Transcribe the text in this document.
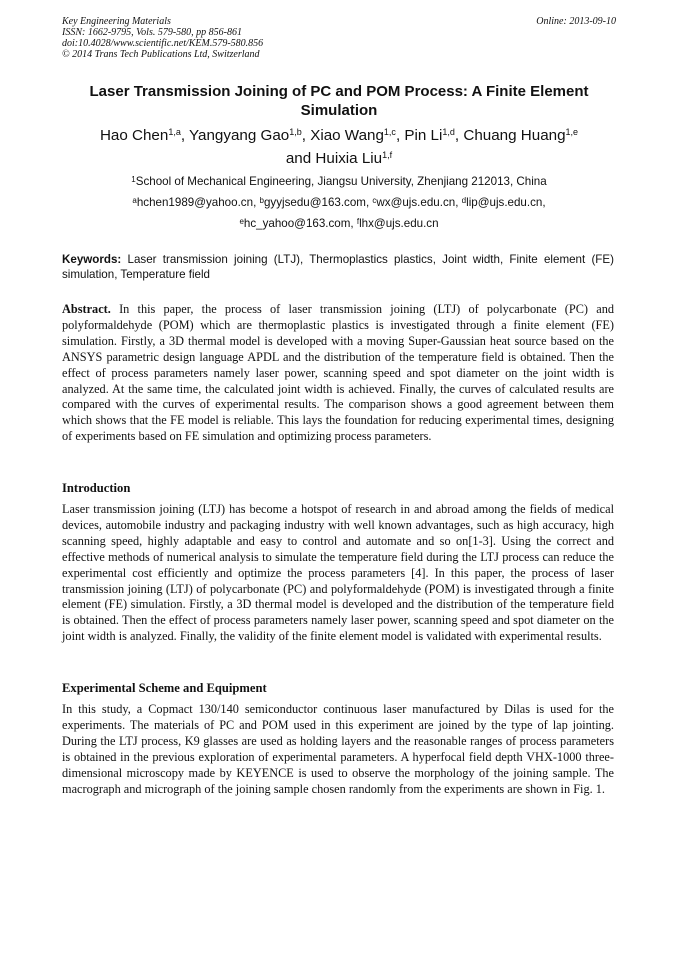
Key Engineering Materials
ISSN: 1662-9795, Vols. 579-580, pp 856-861
doi:10.4028/www.scientific.net/KEM.579-580.856
© 2014 Trans Tech Publications Ltd, Switzerland
Online: 2013-09-10
Laser Transmission Joining of PC and POM Process: A Finite Element Simulation
Hao Chen$^{1,a}$, Yangyang Gao$^{1,b}$, Xiao Wang$^{1,c}$, Pin Li$^{1,d}$, Chuang Huang$^{1,e}$
and Huixia Liu$^{1,f}$
$^1$School of Mechanical Engineering, Jiangsu University, Zhenjiang 212013, China
$^a$hchen1989@yahoo.cn, $^b$gyyjsedu@163.com, $^c$wx@ujs.edu.cn, $^d$lip@ujs.edu.cn,
$^e$hc_yahoo@163.com, $^f$lhx@ujs.edu.cn
Keywords: Laser transmission joining (LTJ), Thermoplastics plastics, Joint width, Finite element (FE) simulation, Temperature field
Abstract. In this paper, the process of laser transmission joining (LTJ) of polycarbonate (PC) and polyformaldehyde (POM) which are thermoplastic plastics is investigated through a finite element (FE) simulation. Firstly, a 3D thermal model is developed with a moving Super-Gaussian heat source based on the ANSYS parametric design language APDL and the distribution of the temperature field is obtained. Then the effect of process parameters namely laser power, scanning speed and spot diameter on the joint width is analyzed. At the same time, the calculated joint width is achieved. Finally, the curves of calculated results are compared with the curves of experimental results. The comparison shows a good agreement between them which shows that the FE model is reliable. This lays the foundation for reducing experimental times, designing of experiments based on FE simulation and optimizing process parameters.
Introduction
Laser transmission joining (LTJ) has become a hotspot of research in and abroad among the fields of medical devices, automobile industry and packaging industry with well known advantages, such as high accuracy, high scanning speed, highly adaptable and easy to control and automate and so on[1-3]. Using the correct and effective methods of numerical analysis to simulate the temperature field during the LTJ process can reduce the experimental cost efficiently and optimize the process parameters [4]. In this paper, the process of laser transmission joining (LTJ) of polycarbonate (PC) and polyformaldehyde (POM) is investigated through a finite element (FE) simulation. Firstly, a 3D thermal model is developed and the distribution of the temperature field is obtained. Then the effect of process parameters namely laser power, scanning speed and spot diameter on the joint width is analyzed. Finally, the validity of the finite element model is validated with experimental results.
Experimental Scheme and Equipment
In this study, a Copmact 130/140 semiconductor continuous laser manufactured by Dilas is used for the experiments. The materials of PC and POM used in this experiment are joined by the type of lap jointing. During the LTJ process, K9 glasses are used as holding layers and the reasonable ranges of process parameters is obtained in the previous exploration of experimental parameters. A hyperfocal field depth VHX-1000 three-dimensional microscopy made by KEYENCE is used to observe the morphology of the joining sample. The macrograph and micrograph of the joining sample chosen randomly from the experiments are shown in Fig. 1.
